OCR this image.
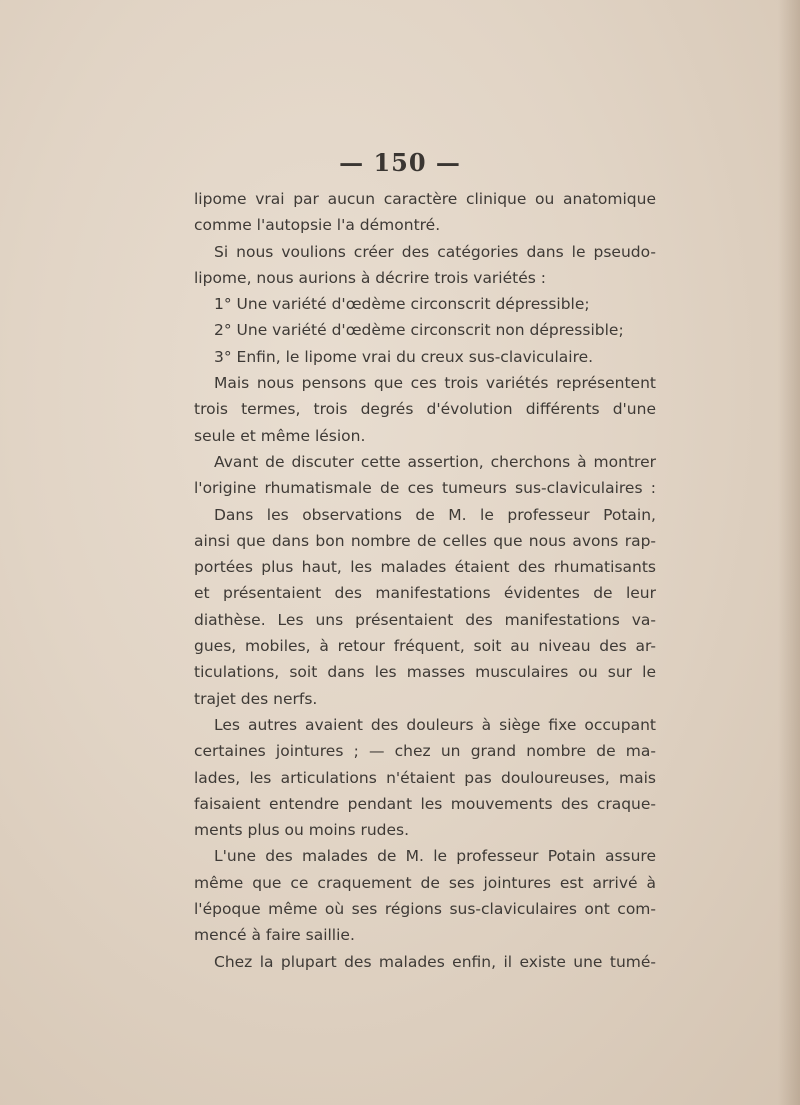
— 150 —
lipome vrai par aucun caractère clinique ou anatomique
comme l'autopsie l'a démontré.
Si nous voulions créer des catégories dans le pseudo-
lipome, nous aurions à décrire trois variétés :
1° Une variété d'œdème circonscrit dépressible;
2° Une variété d'œdème circonscrit non dépressible;
3° Enfin, le lipome vrai du creux sus-claviculaire.
Mais nous pensons que ces trois variétés représentent
trois termes, trois degrés d'évolution différents d'une
seule et même lésion.
Avant de discuter cette assertion, cherchons à montrer
l'origine rhumatismale de ces tumeurs sus-claviculaires :
Dans les observations de M. le professeur Potain,
ainsi que dans bon nombre de celles que nous avons rap-
portées plus haut, les malades étaient des rhumatisants
et présentaient des manifestations évidentes de leur
diathèse. Les uns présentaient des manifestations va-
gues, mobiles, à retour fréquent, soit au niveau des ar-
ticulations, soit dans les masses musculaires ou sur le
trajet des nerfs.
Les autres avaient des douleurs à siège fixe occupant
certaines jointures ; — chez un grand nombre de ma-
lades, les articulations n'étaient pas douloureuses, mais
faisaient entendre pendant les mouvements des craque-
ments plus ou moins rudes.
L'une des malades de M. le professeur Potain assure
même que ce craquement de ses jointures est arrivé à
l'époque même où ses régions sus-claviculaires ont com-
mencé à faire saillie.
Chez la plupart des malades enfin, il existe une tumé-
